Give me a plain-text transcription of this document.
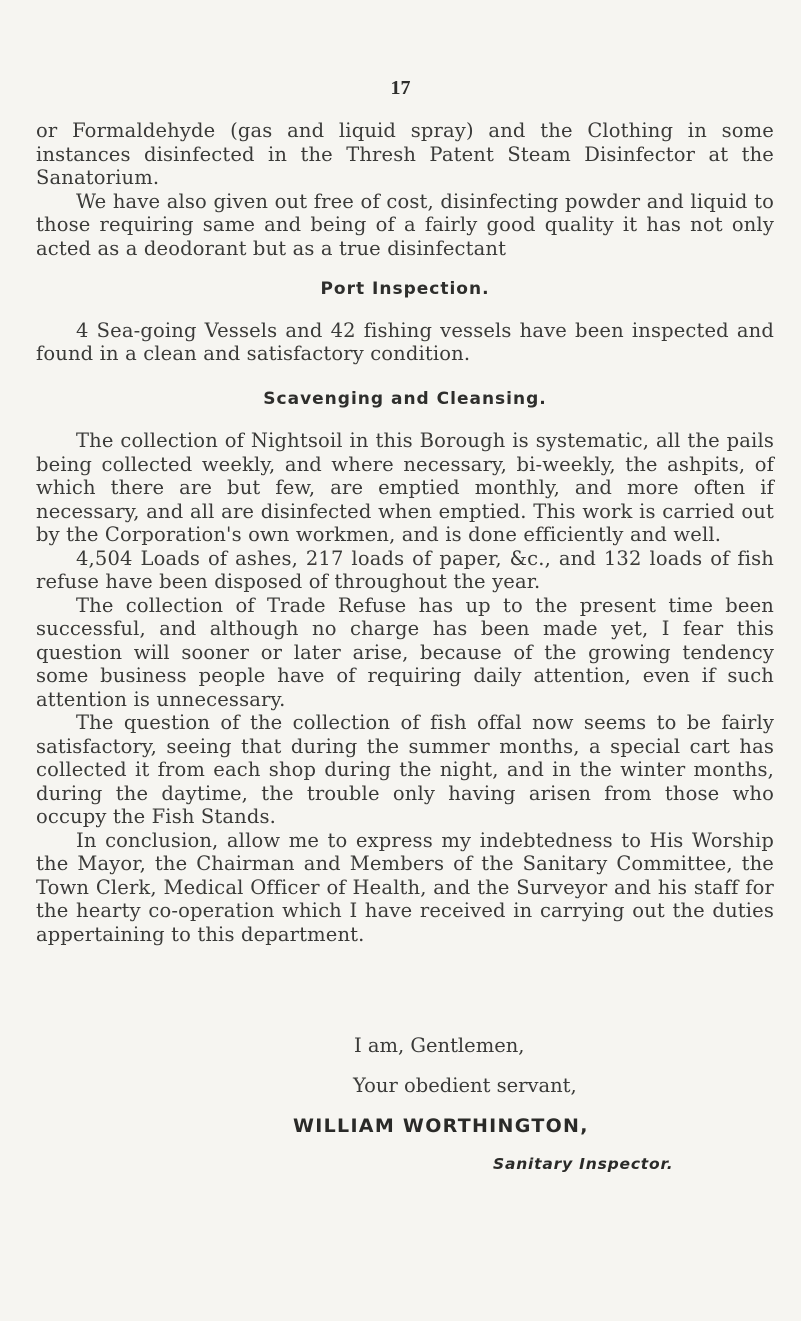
17

or Formaldehyde (gas and liquid spray) and the Clothing in some instances disinfected in the Thresh Patent Steam Disinfector at the Sanatorium.

We have also given out free of cost, disinfecting powder and liquid to those requiring same and being of a fairly good quality it has not only acted as a deodorant but as a true disinfectant

Port Inspection.

4 Sea-going Vessels and 42 fishing vessels have been inspected and found in a clean and satisfactory condition.

Scavenging and Cleansing.

The collection of Nightsoil in this Borough is systematic, all the pails being collected weekly, and where necessary, bi-weekly, the ashpits, of which there are but few, are emptied monthly, and more often if necessary, and all are disinfected when emptied. This work is carried out by the Corporation's own workmen, and is done efficiently and well.

4,504 Loads of ashes, 217 loads of paper, &c., and 132 loads of fish refuse have been disposed of throughout the year.

The collection of Trade Refuse has up to the present time been successful, and although no charge has been made yet, I fear this question will sooner or later arise, because of the growing tendency some business people have of requiring daily attention, even if such attention is unnecessary.

The question of the collection of fish offal now seems to be fairly satisfactory, seeing that during the summer months, a special cart has collected it from each shop during the night, and in the winter months, during the daytime, the trouble only having arisen from those who occupy the Fish Stands.

In conclusion, allow me to express my indebtedness to His Worship the Mayor, the Chairman and Members of the Sanitary Committee, the Town Clerk, Medical Officer of Health, and the Surveyor and his staff for the hearty co-operation which I have received in carrying out the duties appertaining to this department.

I am, Gentlemen,
Your obedient servant,
WILLIAM WORTHINGTON,
Sanitary Inspector.
